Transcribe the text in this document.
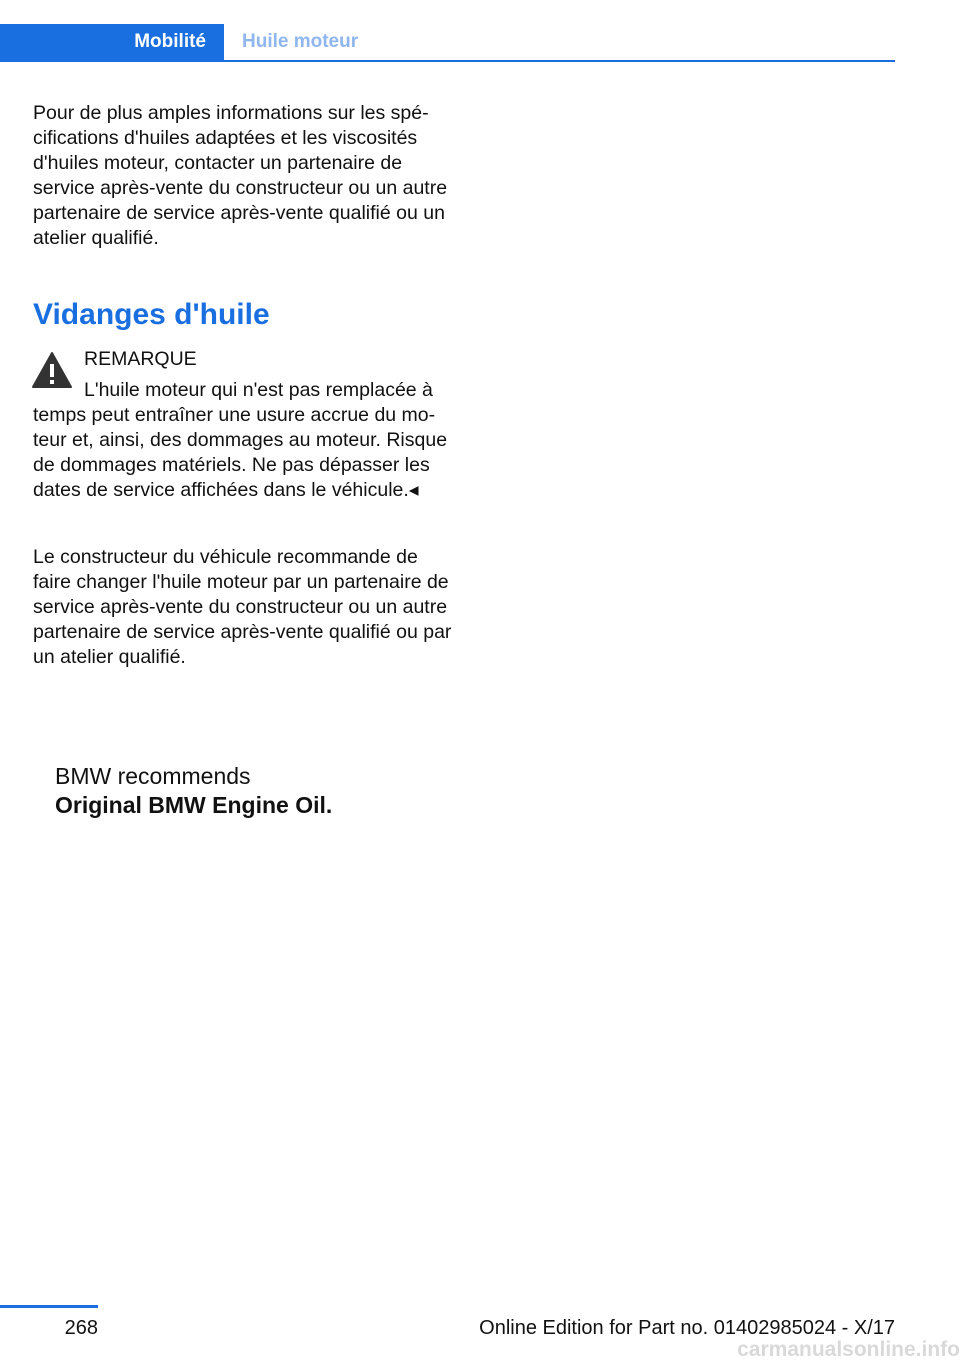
Mobilité	Huile moteur

Pour de plus amples informations sur les spécifications d'huiles adaptées et les viscosités d'huiles moteur, contacter un partenaire de service après-vente du constructeur ou un autre partenaire de service après-vente qualifié ou un atelier qualifié.

Vidanges d'huile
REMARQUE

L'huile moteur qui n'est pas remplacée à temps peut entraîner une usure accrue du moteur et, ainsi, des dommages au moteur. Risque de dommages matériels. Ne pas dépasser les dates de service affichées dans le véhicule.◂

Le constructeur du véhicule recommande de faire changer l'huile moteur par un partenaire de service après-vente du constructeur ou un autre partenaire de service après-vente qualifié ou par un atelier qualifié.

BMW recommends
Original BMW Engine Oil.
268	Online Edition for Part no. 01402985024 - X/17
carmanualsonline.info
